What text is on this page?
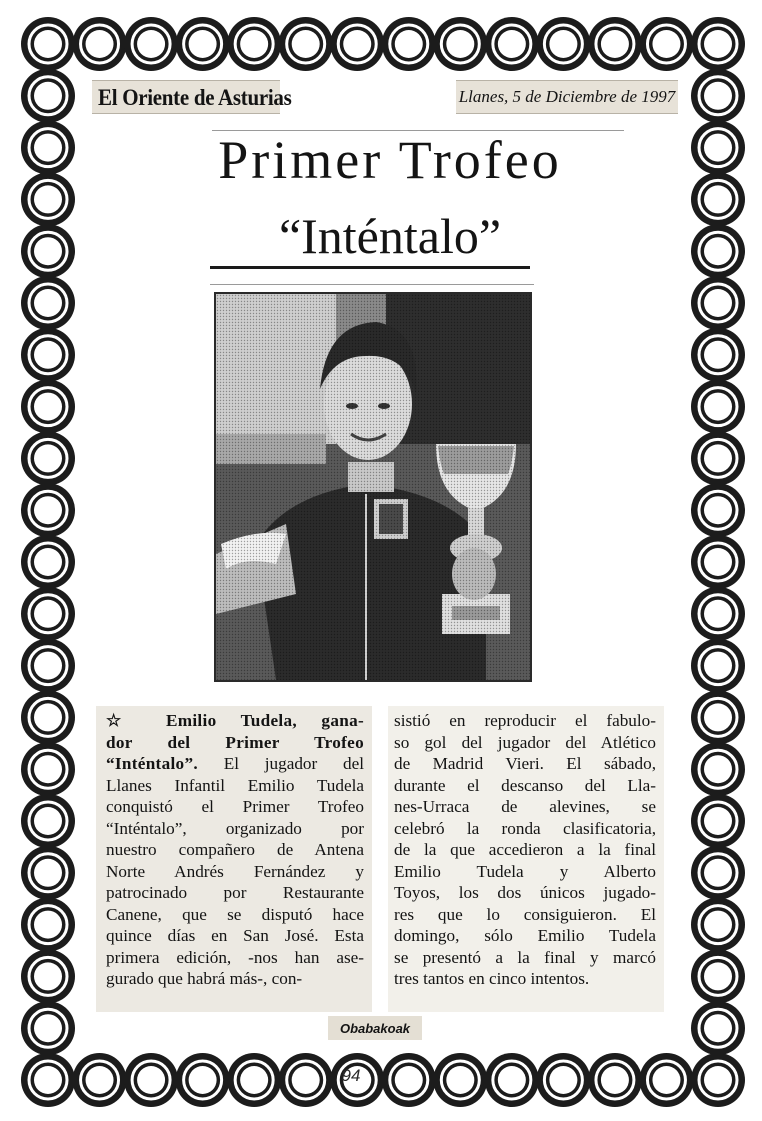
El Oriente de Asturias	Llanes, 5 de Diciembre de 1997
Primer Trofeo
“Inténtalo”
☆ Emilio Tudela, gana-
dor del Primer Trofeo
“Inténtalo”. El jugador del
Llanes Infantil Emilio Tudela
conquistó el Primer Trofeo
“Inténtalo”, organizado por
nuestro compañero de Antena
Norte Andrés Fernández y
patrocinado por Restaurante
Canene, que se disputó hace
quince días en San José. Esta
primera edición, -nos han ase-
gurado que habrá más-, con-
sistió en reproducir el fabulo-
so gol del jugador del Atlético
de Madrid Vieri. El sábado,
durante el descanso del Lla-
nes-Urraca de alevines, se
celebró la ronda clasificatoria,
de la que accedieron a la final
Emilio Tudela y Alberto
Toyos, los dos únicos jugado-
res que lo consiguieron. El
domingo, sólo Emilio Tudela
se presentó a la final y marcó
tres tantos en cinco intentos.
Obabakoak
94
